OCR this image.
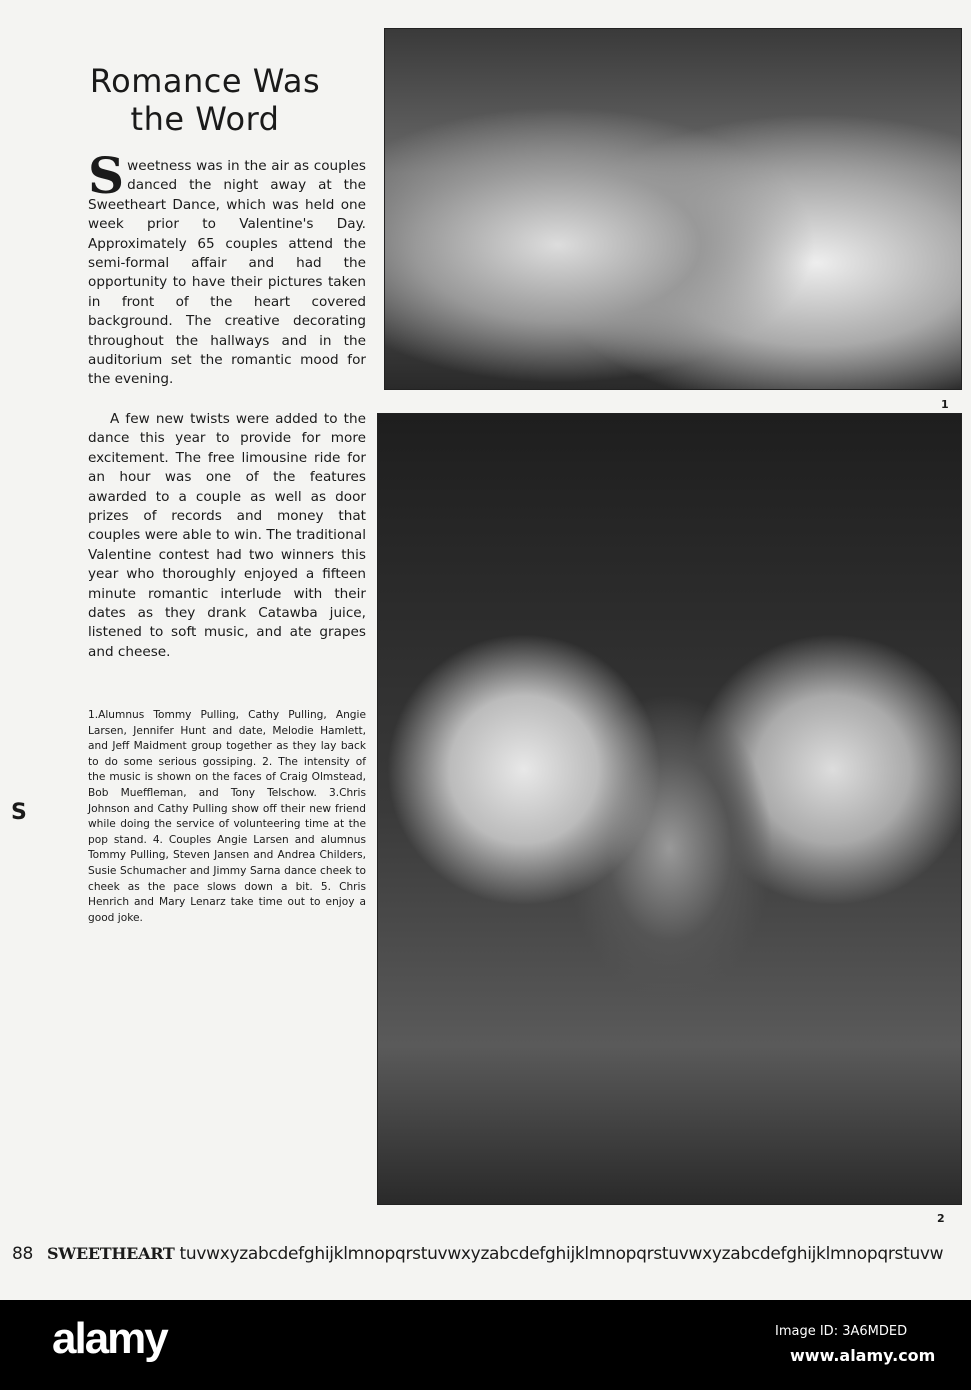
Romance Was the Word

Sweetness was in the air as couples danced the night away at the Sweetheart Dance, which was held one week prior to Valentine's Day. Approximately 65 couples attend the semi-formal affair and had the opportunity to have their pictures taken in front of the heart covered background. The creative decorating throughout the hallways and in the auditorium set the romantic mood for the evening.

A few new twists were added to the dance this year to provide for more excitement. The free limousine ride for an hour was one of the features awarded to a couple as well as door prizes of records and money that couples were able to win. The traditional Valentine contest had two winners this year who thoroughly enjoyed a fifteen minute romantic interlude with their dates as they drank Catawba juice, listened to soft music, and ate grapes and cheese.

1.Alumnus Tommy Pulling, Cathy Pulling, Angie Larsen, Jennifer Hunt and date, Melodie Hamlett, and Jeff Maidment group together as they lay back to do some serious gossiping. 2. The intensity of the music is shown on the faces of Craig Olmstead, Bob Mueffleman, and Tony Telschow. 3.Chris Johnson and Cathy Pulling show off their new friend while doing the service of volunteering time at the pop stand. 4. Couples Angie Larsen and alumnus Tommy Pulling, Steven Jansen and Andrea Childers, Susie Schumacher and Jimmy Sarna dance cheek to cheek as the pace slows down a bit. 5. Chris Henrich and Mary Lenarz take time out to enjoy a good joke.

1
2
S
88 SWEETHEART tuvwxyzabcdefghijklmnopqrstuvwxyzabcdefghijklmnopqrstuvwxyzabcdefghijklmnopqrstuvw
alamy	Image ID: 3A6MDED
www.alamy.com
